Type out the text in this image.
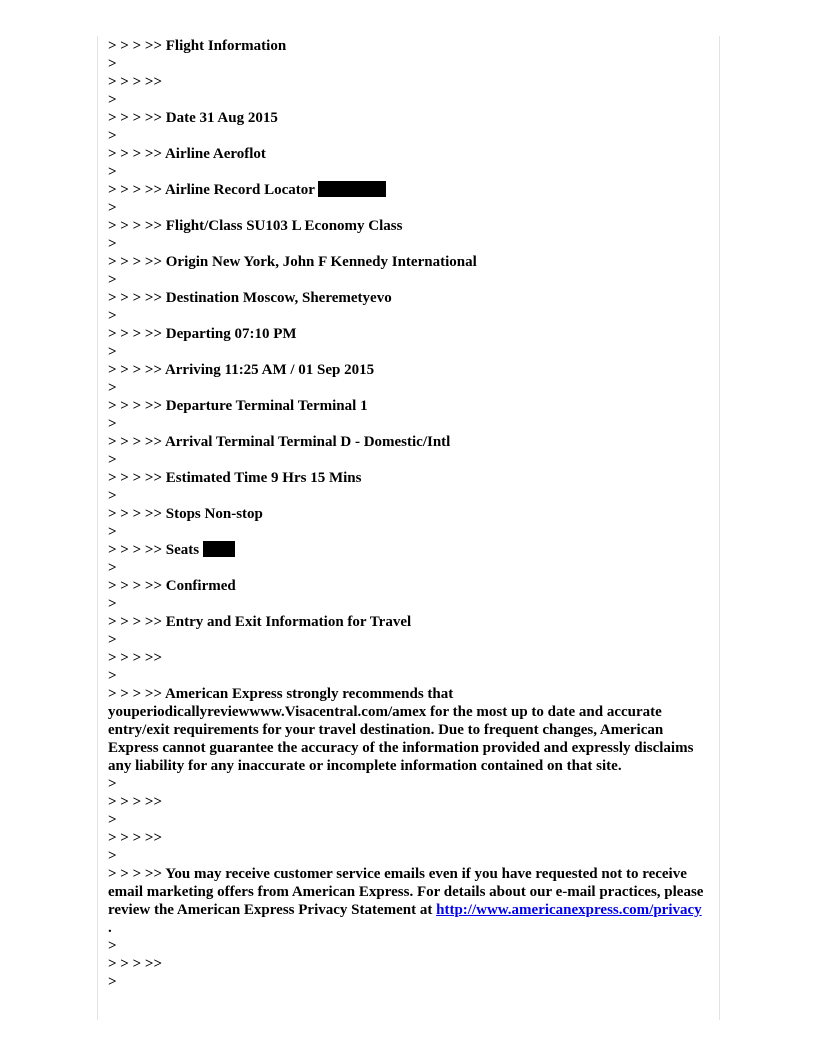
> > > >> Flight Information
>
> > > >>
>
> > > >> Date 31 Aug 2015
>
> > > >> Airline Aeroflot
>
> > > >> Airline Record Locator
>
> > > >> Flight/Class SU103 L Economy Class
>
> > > >> Origin New York, John F Kennedy International
>
> > > >> Destination Moscow, Sheremetyevo
>
> > > >> Departing 07:10 PM
>
> > > >> Arriving 11:25 AM / 01 Sep 2015
>
> > > >> Departure Terminal Terminal 1
>
> > > >> Arrival Terminal Terminal D - Domestic/Intl
>
> > > >> Estimated Time 9 Hrs 15 Mins
>
> > > >> Stops Non-stop
>
> > > >> Seats
>
> > > >> Confirmed
>
> > > >> Entry and Exit Information for Travel
>
> > > >>
>
> > > >> American Express strongly recommends that youperiodicallyreviewwww.Visacentral.com/amex for the most up to date and accurate entry/exit requirements for your travel destination. Due to frequent changes, American Express cannot guarantee the accuracy of the information provided and expressly disclaims any liability for any inaccurate or incomplete information contained on that site.
>
> > > >>
>
> > > >>
>
> > > >> You may receive customer service emails even if you have requested not to receive email marketing offers from American Express. For details about our e-mail practices, please review the American Express Privacy Statement at http://www.americanexpress.com/privacy .
>
> > > >>
>
